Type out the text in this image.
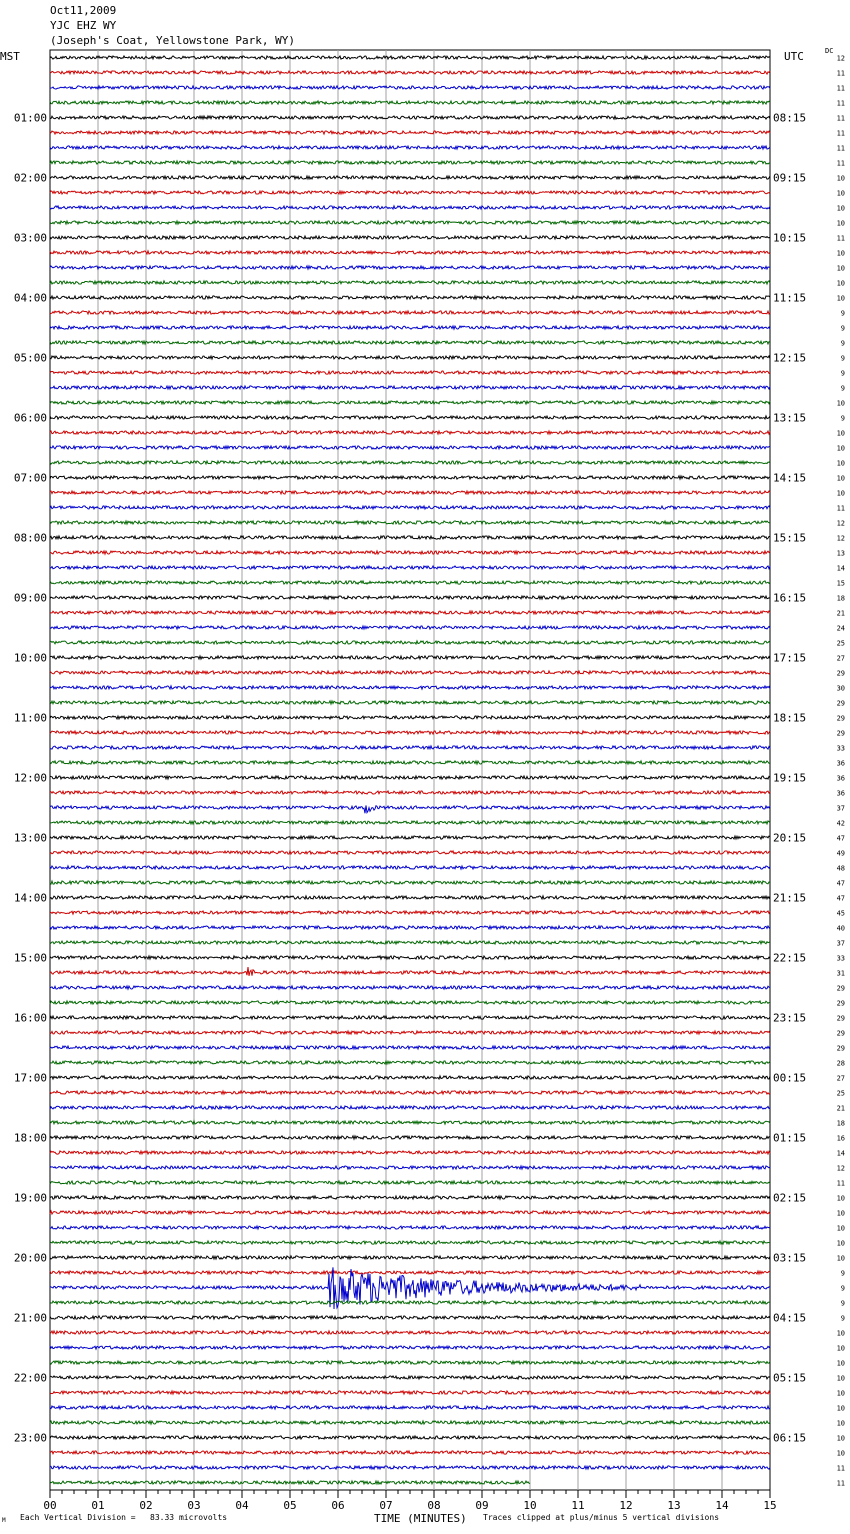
Oct11,2009
YJC EHZ WY
(Joseph's Coat, Yellowstone Park, WY)
MST	UTC	DC
12
11
11
11
11
11
11
11
10
10
10
10
11
10
10
10
10
9
9
9
9
9
9
10
9
10
10
10
10
10
11
12
12
13
14
15
18
21
24
25
27
29
30
29
29
29
33
36
36
36
37
42
47
49
48
47
47
45
40
37
33
31
29
29
29
29
29
28
27
25
21
18
16
14
12
11
10
10
10
10
10
9
9
9
9
10
10
10
10
10
10
10
10
10
11
11
01:00
02:00
03:00
04:00
05:00
06:00
07:00
08:00
09:00
10:00
11:00
12:00
13:00
14:00
15:00
16:00
17:00
18:00
19:00
20:00
21:00
22:00
23:00
08:15
09:15
10:15
11:15
12:15
13:15
14:15
15:15
16:15
17:15
18:15
19:15
20:15
21:15
22:15
23:15
00:15
01:15
02:15
03:15
04:15
05:15
06:15
00	01	02	03	04	05	06	07	08	09	10	11	12	13	14	15
M Each Vertical Division =   83.33 microvolts	TIME (MINUTES) Traces clipped at plus/minus 5 vertical divisions
